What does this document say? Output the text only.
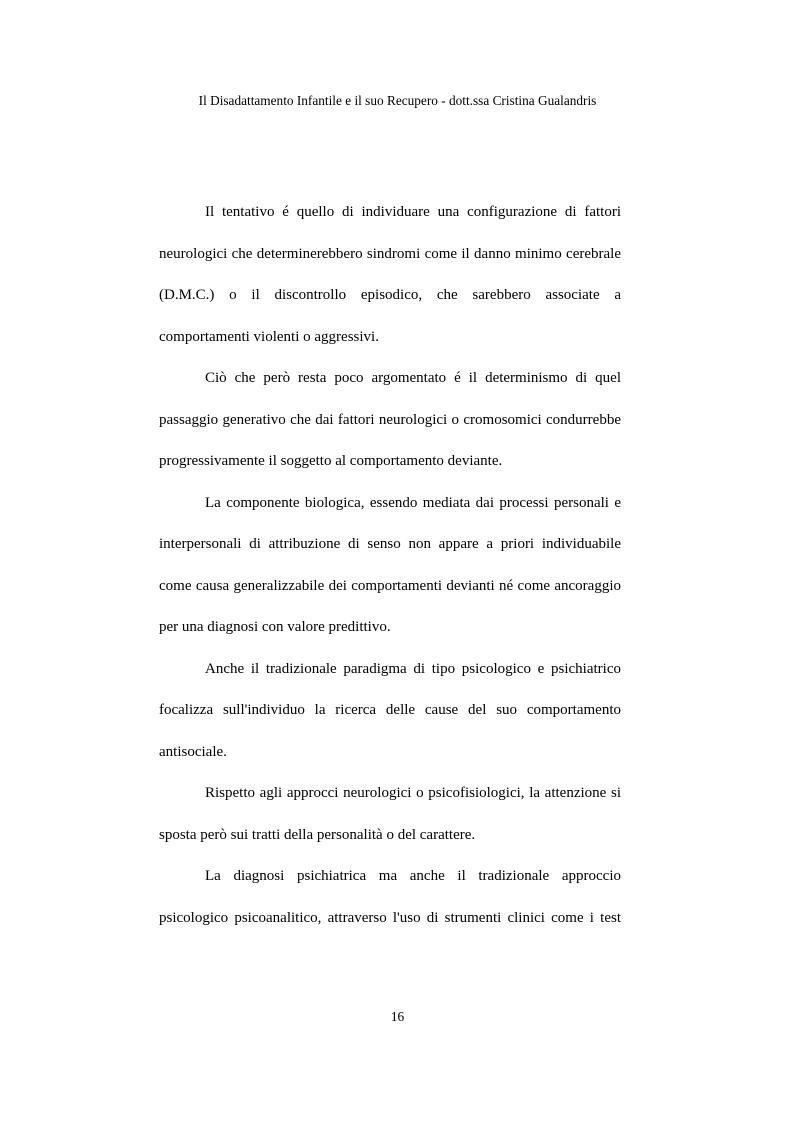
Il Disadattamento Infantile e il suo Recupero - dott.ssa Cristina Gualandris

Il tentativo é quello di individuare una configurazione di fattori neurologici che determinerebbero sindromi come il danno minimo cerebrale (D.M.C.) o il discontrollo episodico, che sarebbero associate a comportamenti violenti o aggressivi.

Ciò che però resta poco argomentato é il determinismo di quel passaggio generativo che dai fattori neurologici o cromosomici condurrebbe progressivamente il soggetto al comportamento deviante.

La componente biologica, essendo mediata dai processi personali e interpersonali di attribuzione di senso non appare a priori individuabile come causa generalizzabile dei comportamenti devianti né come ancoraggio per una diagnosi con valore predittivo.

Anche il tradizionale paradigma di tipo psicologico e psichiatrico focalizza sull'individuo la ricerca delle cause del suo comportamento antisociale.

Rispetto agli approcci neurologici o psicofisiologici, la attenzione si sposta però sui tratti della personalità o del carattere.

La diagnosi psichiatrica ma anche il tradizionale approccio psicologico psicoanalitico, attraverso l'uso di strumenti clinici come i test

16
